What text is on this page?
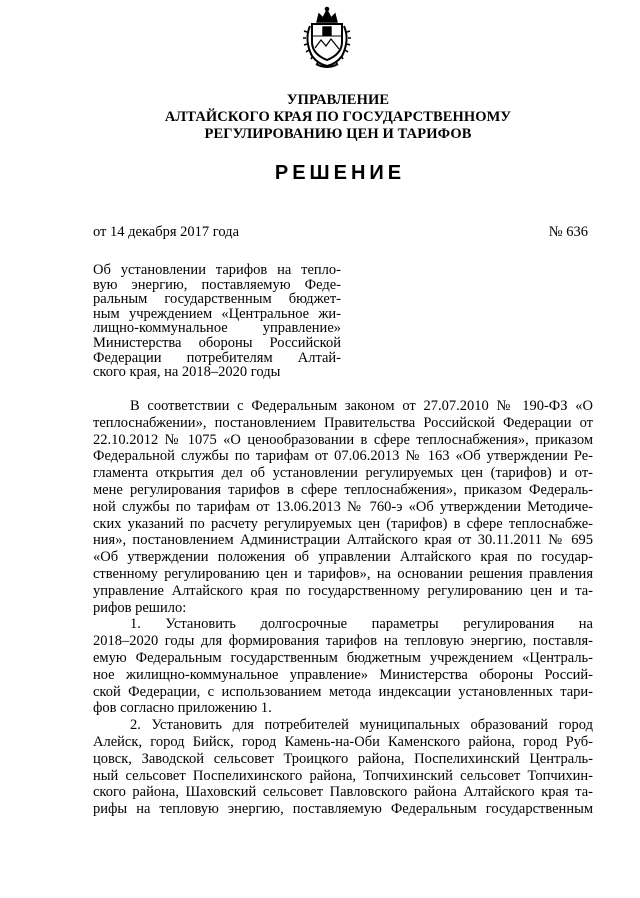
УПРАВЛЕНИЕ
АЛТАЙСКОГО КРАЯ ПО ГОСУДАРСТВЕННОМУ
РЕГУЛИРОВАНИЮ ЦЕН И ТАРИФОВ
РЕШЕНИЕ
от 14 декабря 2017 года	№ 636
Об установлении тарифов на тепло-
вую энергию, поставляемую Феде-
ральным государственным бюджет-
ным учреждением «Центральное жи-
лищно-коммунальное управление»
Министерства обороны Российской
Федерации потребителям Алтай-
ского края, на 2018–2020 годы
В соответствии с Федеральным законом от 27.07.2010 № 190-ФЗ «О
теплоснабжении», постановлением Правительства Российской Федерации от
22.10.2012 № 1075 «О ценообразовании в сфере теплоснабжения», приказом
Федеральной службы по тарифам от 07.06.2013 № 163 «Об утверждении Ре-
гламента открытия дел об установлении регулируемых цен (тарифов) и от-
мене регулирования тарифов в сфере теплоснабжения», приказом Федераль-
ной службы по тарифам от 13.06.2013 № 760-э «Об утверждении Методиче-
ских указаний по расчету регулируемых цен (тарифов) в сфере теплоснабже-
ния», постановлением Администрации Алтайского края от 30.11.2011 № 695
«Об утверждении положения об управлении Алтайского края по государ-
ственному регулированию цен и тарифов», на основании решения правления
управление Алтайского края по государственному регулированию цен и та-
рифов решило:
1. Установить долгосрочные параметры регулирования на
2018–2020 годы для формирования тарифов на тепловую энергию, поставля-
емую Федеральным государственным бюджетным учреждением «Централь-
ное жилищно-коммунальное управление» Министерства обороны Россий-
ской Федерации, с использованием метода индексации установленных тари-
фов согласно приложению 1.
2. Установить для потребителей муниципальных образований город
Алейск, город Бийск, город Камень-на-Оби Каменского района, город Руб-
цовск, Заводской сельсовет Троицкого района, Поспелихинский Централь-
ный сельсовет Поспелихинского района, Топчихинский сельсовет Топчихин-
ского района, Шаховский сельсовет Павловского района Алтайского края та-
рифы на тепловую энергию, поставляемую Федеральным государственным
